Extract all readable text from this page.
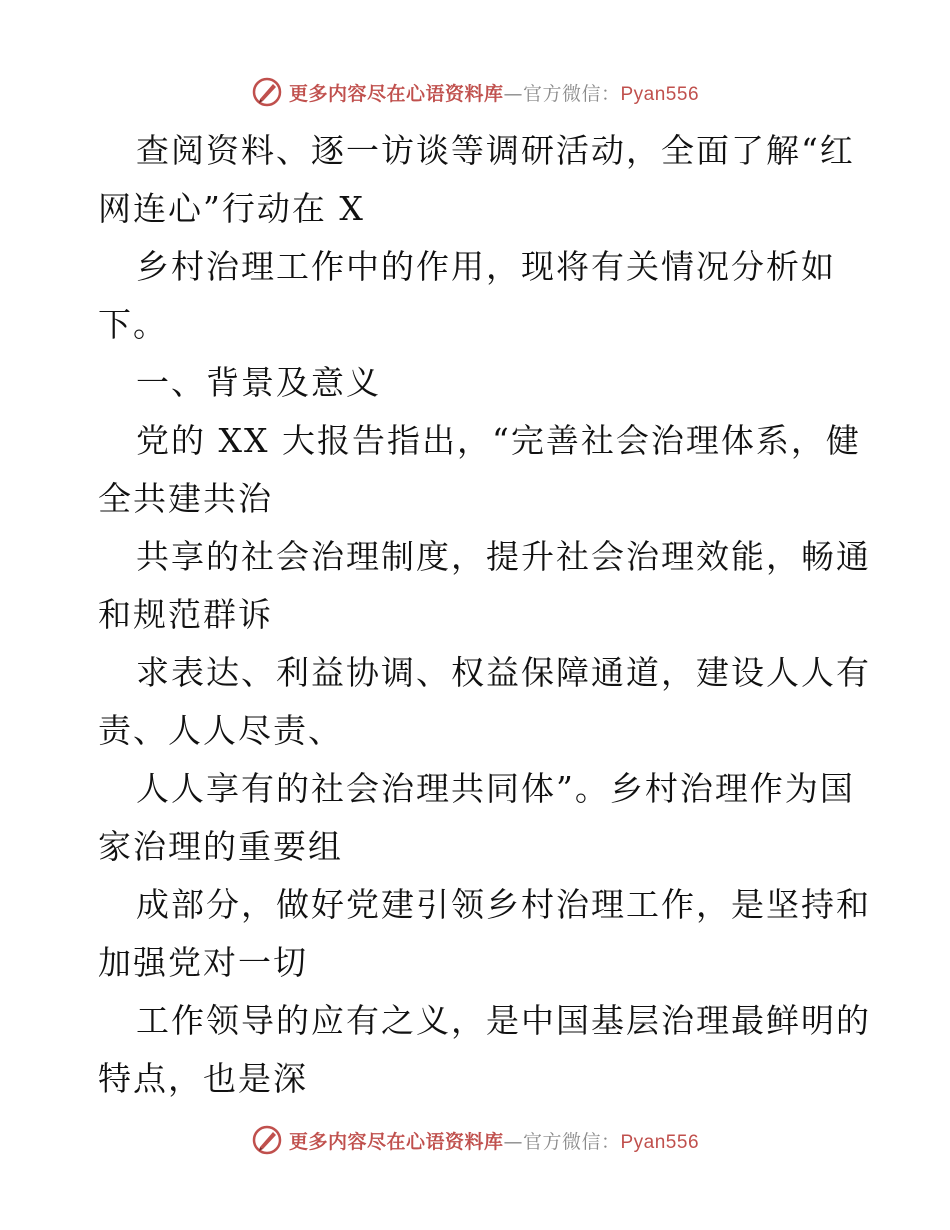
更多内容尽在心语资料库—官方微信：Pyan556
查阅资料、逐一访谈等调研活动，全面了解“红
网连心”行动在 X
乡村治理工作中的作用，现将有关情况分析如
下。
一、背景及意义
党的 XX 大报告指出，“完善社会治理体系，健
全共建共治
共享的社会治理制度，提升社会治理效能，畅通
和规范群诉
求表达、利益协调、权益保障通道，建设人人有
责、人人尽责、
人人享有的社会治理共同体”。乡村治理作为国
家治理的重要组
成部分，做好党建引领乡村治理工作，是坚持和
加强党对一切
工作领导的应有之义，是中国基层治理最鲜明的
特点，也是深
更多内容尽在心语资料库—官方微信：Pyan556
